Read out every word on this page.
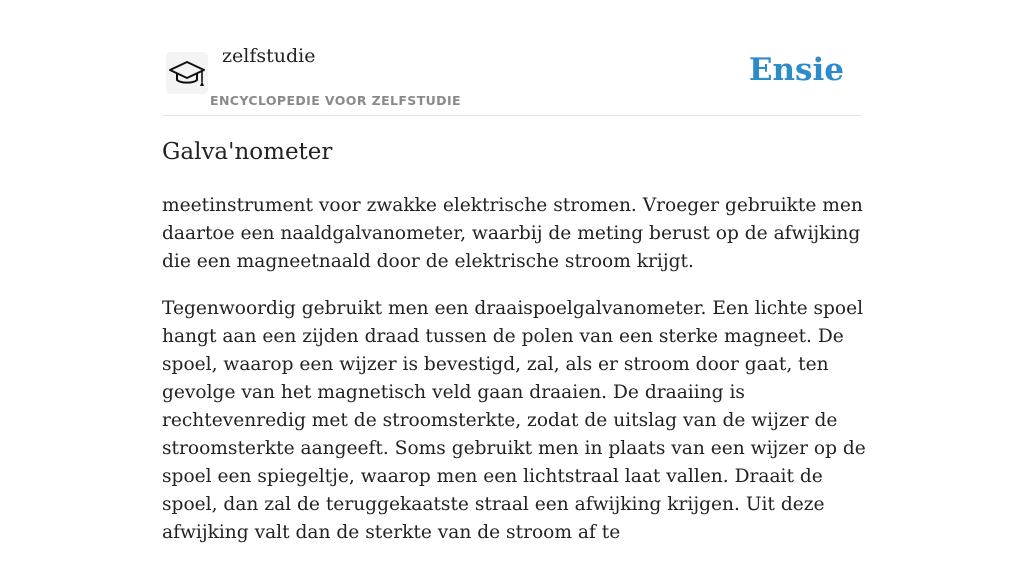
zelfstudie
ENCYCLOPEDIE VOOR ZELFSTUDIE
Ensie
Galva'nometer

meetinstrument voor zwakke elektrische stromen. Vroeger gebruikte men daartoe een naaldgalvanometer, waarbij de meting berust op de afwijking die een magneetnaald door de elektrische stroom krijgt.

Tegenwoordig gebruikt men een draaispoelgalvanometer. Een lichte spoel hangt aan een zijden draad tussen de polen van een sterke magneet. De spoel, waarop een wijzer is bevestigd, zal, als er stroom door gaat, ten gevolge van het magnetisch veld gaan draaien. De draaiing is rechtevenredig met de stroomsterkte, zodat de uitslag van de wijzer de stroomsterkte aangeeft. Soms gebruikt men in plaats van een wijzer op de spoel een spiegeltje, waarop men een lichtstraal laat vallen. Draait de spoel, dan zal de teruggekaatste straal een afwijking krijgen. Uit deze afwijking valt dan de sterkte van de stroom af te
